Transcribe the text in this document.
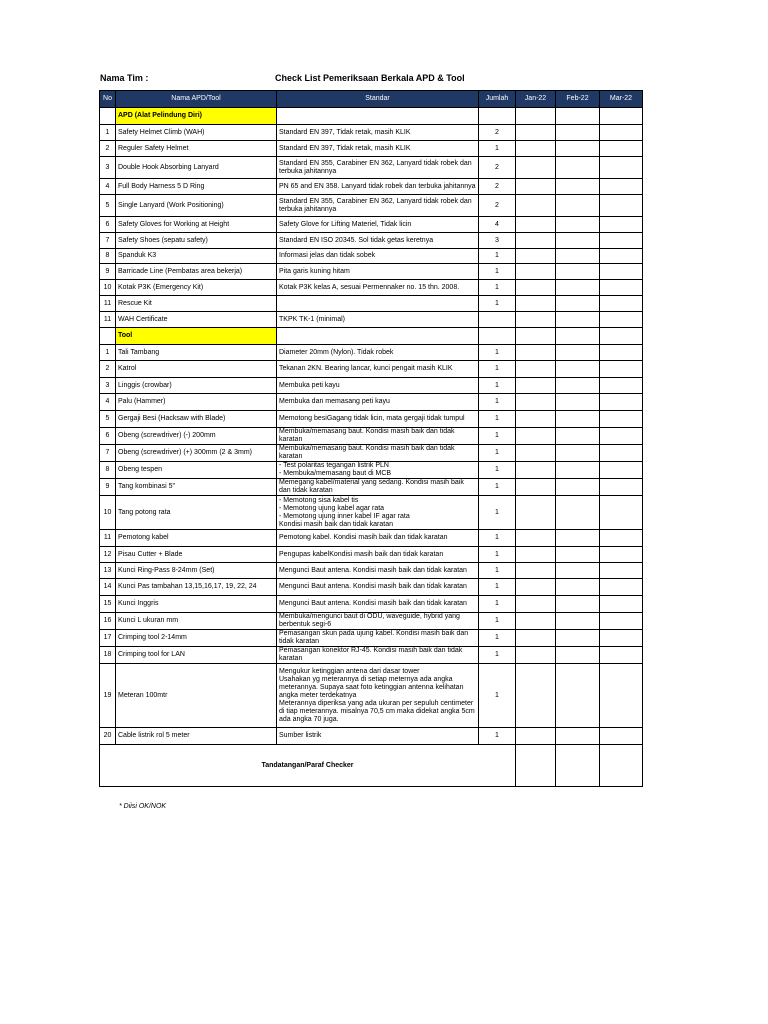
Nama Tim :	Check List Pemeriksaan Berkala APD & Tool
No	Nama APD/Tool	Standar	Jumlah	Jan-22	Feb-22	Mar-22
	APD (Alat Pelindung Diri)					
1	Safety Helmet Climb (WAH)	Standard EN 397, Tidak retak, masih KLIK	2			
2	Reguler Safety Helmet	Standard EN 397, Tidak retak, masih KLIK	1			
3	Double Hook Absorbing Lanyard	Standard EN 355, Carabiner EN 362, Lanyard tidak robek dan terbuka jahitannya	2			
4	Full Body Harness 5 D Ring	PN 65 and EN 358. Lanyard tidak robek dan terbuka jahitannya	2			
5	Single Lanyard (Work Positioning)	Standard EN 355, Carabiner EN 362, Lanyard tidak robek dan terbuka jahitannya	2			
6	Safety Gloves for Working at Height	Safety Glove for Lifting Materiel, Tidak licin	4			
7	Safety Shoes (sepatu safety)	Standard EN ISO 20345. Sol tidak getas keretnya	3			
8	Spanduk K3	Informasi jelas dan tidak sobek	1			
9	Barricade Line (Pembatas area bekerja)	Pita garis kuning hitam	1			
10	Kotak P3K (Emergency Kit)	Kotak P3K kelas A, sesuai Permennaker no. 15 thn. 2008.	1			
11	Rescue Kit		1			
11	WAH Certificate	TKPK TK-1 (minimal)				
	Tool					
1	Tali Tambang	Diameter 20mm (Nylon). Tidak robek	1			
2	Katrol	Tekanan 2KN. Bearing lancar, kunci pengait masih KLIK	1			
3	Linggis (crowbar)	Membuka peti kayu	1			
4	Palu (Hammer)	Membuka dan memasang peti kayu	1			
5	Gergaji Besi (Hacksaw with Blade)	Memotong besiGagang tidak licin, mata gergaji tidak tumpul	1			
6	Obeng (screwdriver) (-) 200mm	Membuka/memasang baut. Kondisi masih baik dan tidak karatan	1			
7	Obeng (screwdriver) (+) 300mm (2 & 3mm)	Membuka/memasang baut. Kondisi masih baik dan tidak karatan	1			
8	Obeng tespen	- Test polaritas tegangan listrik PLN
- Membuka/memasang baut di MCB	1			
9	Tang kombinasi 5"	Memegang kabel/material yang sedang. Kondisi masih baik dan tidak karatan	1			
10	Tang potong rata	- Memotong sisa kabel tis
- Memotong ujung kabel agar rata
- Memotong ujung inner kabel IF agar rata
Kondisi masih baik dan tidak karatan	1			
11	Pemotong kabel	Pemotong kabel. Kondisi masih baik dan tidak karatan	1			
12	Pisau Cutter + Blade	Pengupas kabelKondisi masih baik dan tidak karatan	1			
13	Kunci Ring-Pass 8-24mm (Set)	Mengunci Baut antena. Kondisi masih baik dan tidak karatan	1			
14	Kunci Pas tambahan 13,15,16,17, 19, 22, 24	Mengunci Baut antena. Kondisi masih baik dan tidak karatan	1			
15	Kunci Inggris	Mengunci Baut antena. Kondisi masih baik dan tidak karatan	1			
16	Kunci L ukuran mm	Membuka/mengunci baut di ODU, waveguide, hybrid yang berbentuk segi-6	1			
17	Crimping tool 2-14mm	Pemasangan skun pada ujung kabel. Kondisi masih baik dan tidak karatan	1			
18	Crimping tool for LAN	Pemasangan konektor RJ-45. Kondisi masih baik dan tidak karatan	1			
19	Meteran 100mtr	Mengukur ketinggian antena dari dasar tower
Usahakan yg meterannya di setiap meternya ada angka meterannya. Supaya saat foto ketinggian antenna kelihatan angka meter terdekatnya
Meterannya diperiksa yang ada ukuran per sepuluh centimeter di tiap meterannya. misalnya 70,5 cm maka didekat angka 5cm ada angka 70 juga.	1			
20	Cable listrik rol 5 meter	Sumber listrik	1			
Tandatangan/Paraf Checker						
* Diisi OK/NOK
